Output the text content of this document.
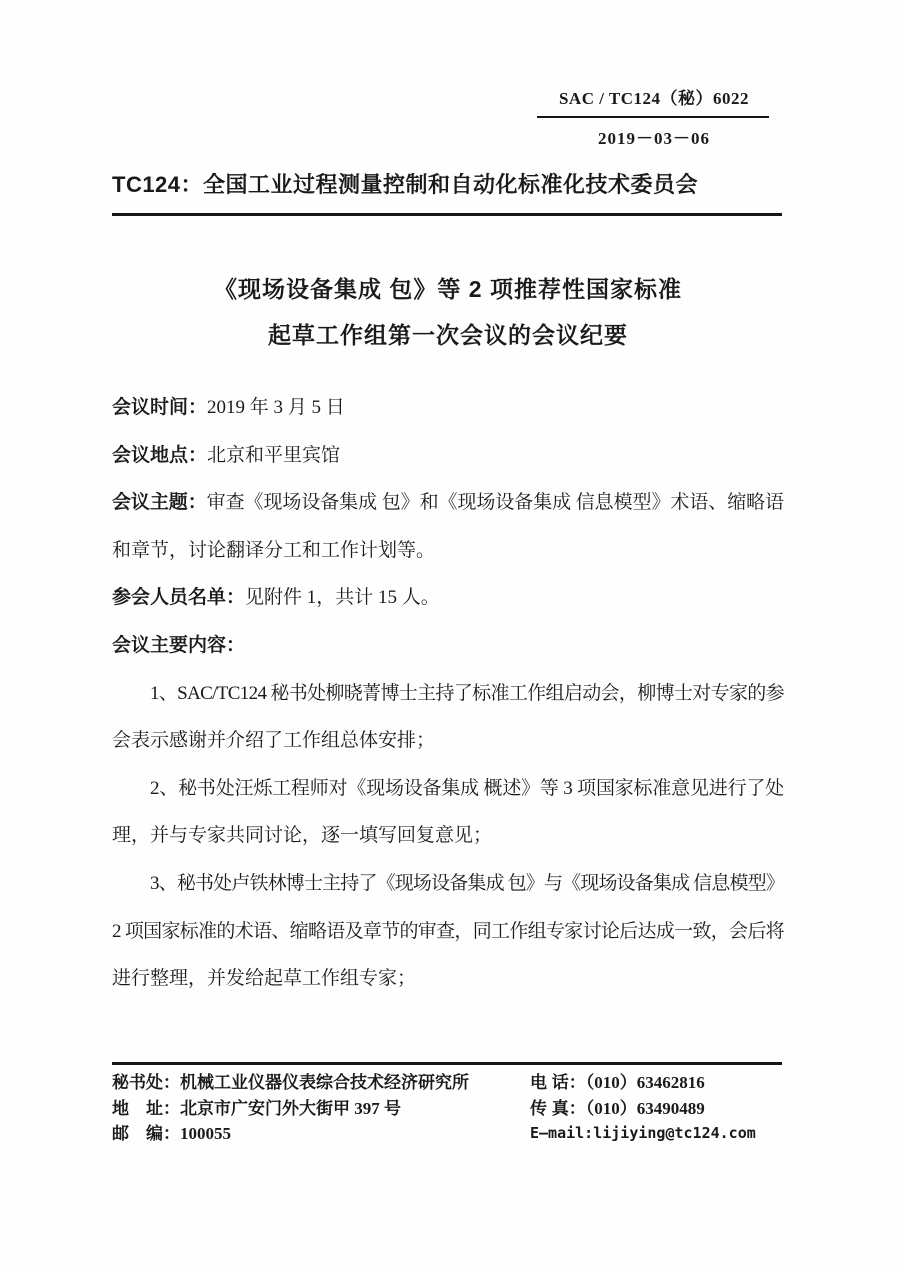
SAC / TC124（秘）6022
2019－03－06
TC124：全国工业过程测量控制和自动化标准化技术委员会
《现场设备集成 包》等 2 项推荐性国家标准
起草工作组第一次会议的会议纪要
会议时间：2019 年 3 月 5 日
会议地点：北京和平里宾馆
会议主题：审查《现场设备集成 包》和《现场设备集成 信息模型》术语、缩略语
和章节，讨论翻译分工和工作计划等。
参会人员名单：见附件 1，共计 15 人。
会议主要内容：
1、SAC/TC124 秘书处柳晓菁博士主持了标准工作组启动会，柳博士对专家的参
会表示感谢并介绍了工作组总体安排；
2、秘书处汪烁工程师对《现场设备集成 概述》等 3 项国家标准意见进行了处
理，并与专家共同讨论，逐一填写回复意见；
3、秘书处卢铁林博士主持了《现场设备集成 包》与《现场设备集成 信息模型》
2 项国家标准的术语、缩略语及章节的审查，同工作组专家讨论后达成一致，会后将
进行整理，并发给起草工作组专家；
秘书处：机械工业仪器仪表综合技术经济研究所
地　址：北京市广安门外大街甲 397 号
邮　编：100055
电 话：（010）63462816
传 真：（010）63490489
E—mail:lijiying@tc124.com
